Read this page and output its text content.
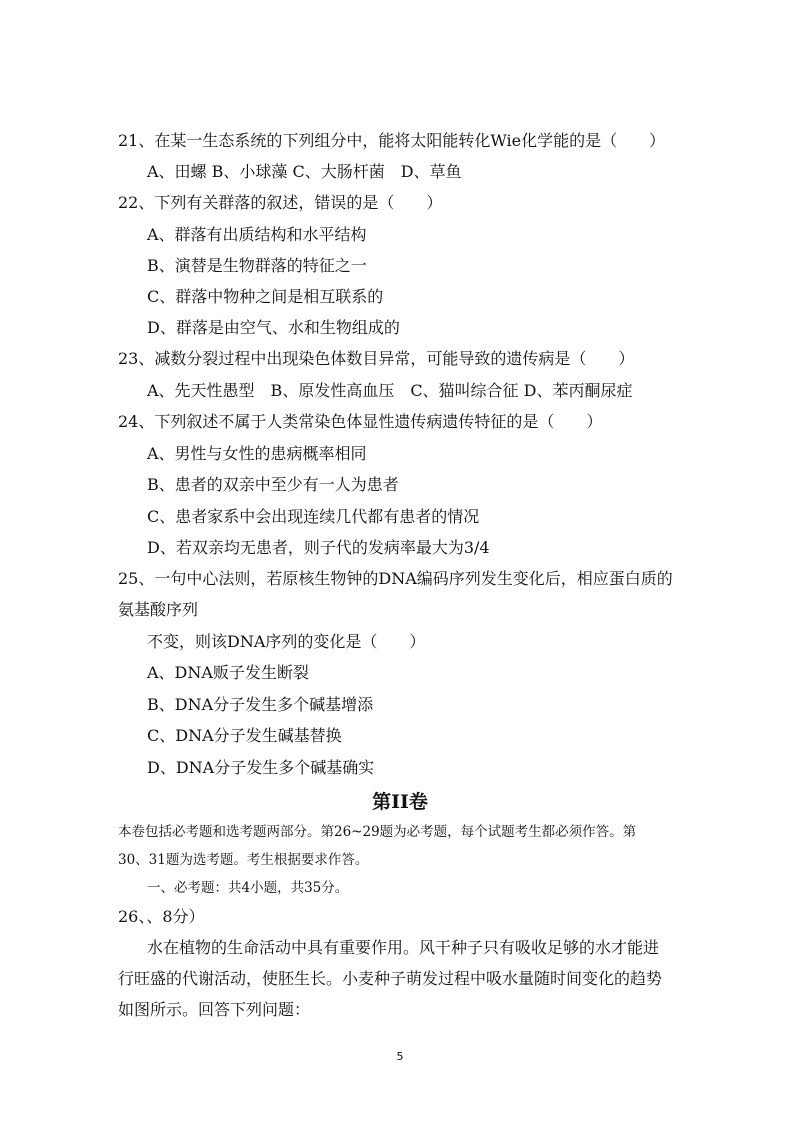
21、在某一生态系统的下列组分中，能将太阳能转化Wie化学能的是（　　）

A、田螺 B、小球藻 C、大肠杆菌　D、草鱼

22、下列有关群落的叙述，错误的是（　　）

A、群落有出质结构和水平结构

B、演替是生物群落的特征之一

C、群落中物种之间是相互联系的

D、群落是由空气、水和生物组成的

23、减数分裂过程中出现染色体数目异常，可能导致的遗传病是（　　）

A、先天性愚型　B、原发性高血压　C、猫叫综合征 D、苯丙酮尿症

24、下列叙述不属于人类常染色体显性遗传病遗传特征的是（　　）

A、男性与女性的患病概率相同

B、患者的双亲中至少有一人为患者

C、患者家系中会出现连续几代都有患者的情况

D、若双亲均无患者，则子代的发病率最大为3/4

25、一句中心法则，若原核生物钟的DNA编码序列发生变化后，相应蛋白质的

氨基酸序列

不变，则该DNA序列的变化是（　　）

A、DNA贩子发生断裂

B、DNA分子发生多个碱基增添

C、DNA分子发生碱基替换

D、DNA分子发生多个碱基确实

第II卷

本卷包括必考题和选考题两部分。第26~29题为必考题，每个试题考生都必须作答。第

30、31题为选考题。考生根据要求作答。

一、必考题：共4小题，共35分。

26、、8分）

水在植物的生命活动中具有重要作用。风干种子只有吸收足够的水才能进

行旺盛的代谢活动，使胚生长。小麦种子萌发过程中吸水量随时间变化的趋势

如图所示。回答下列问题：

5
